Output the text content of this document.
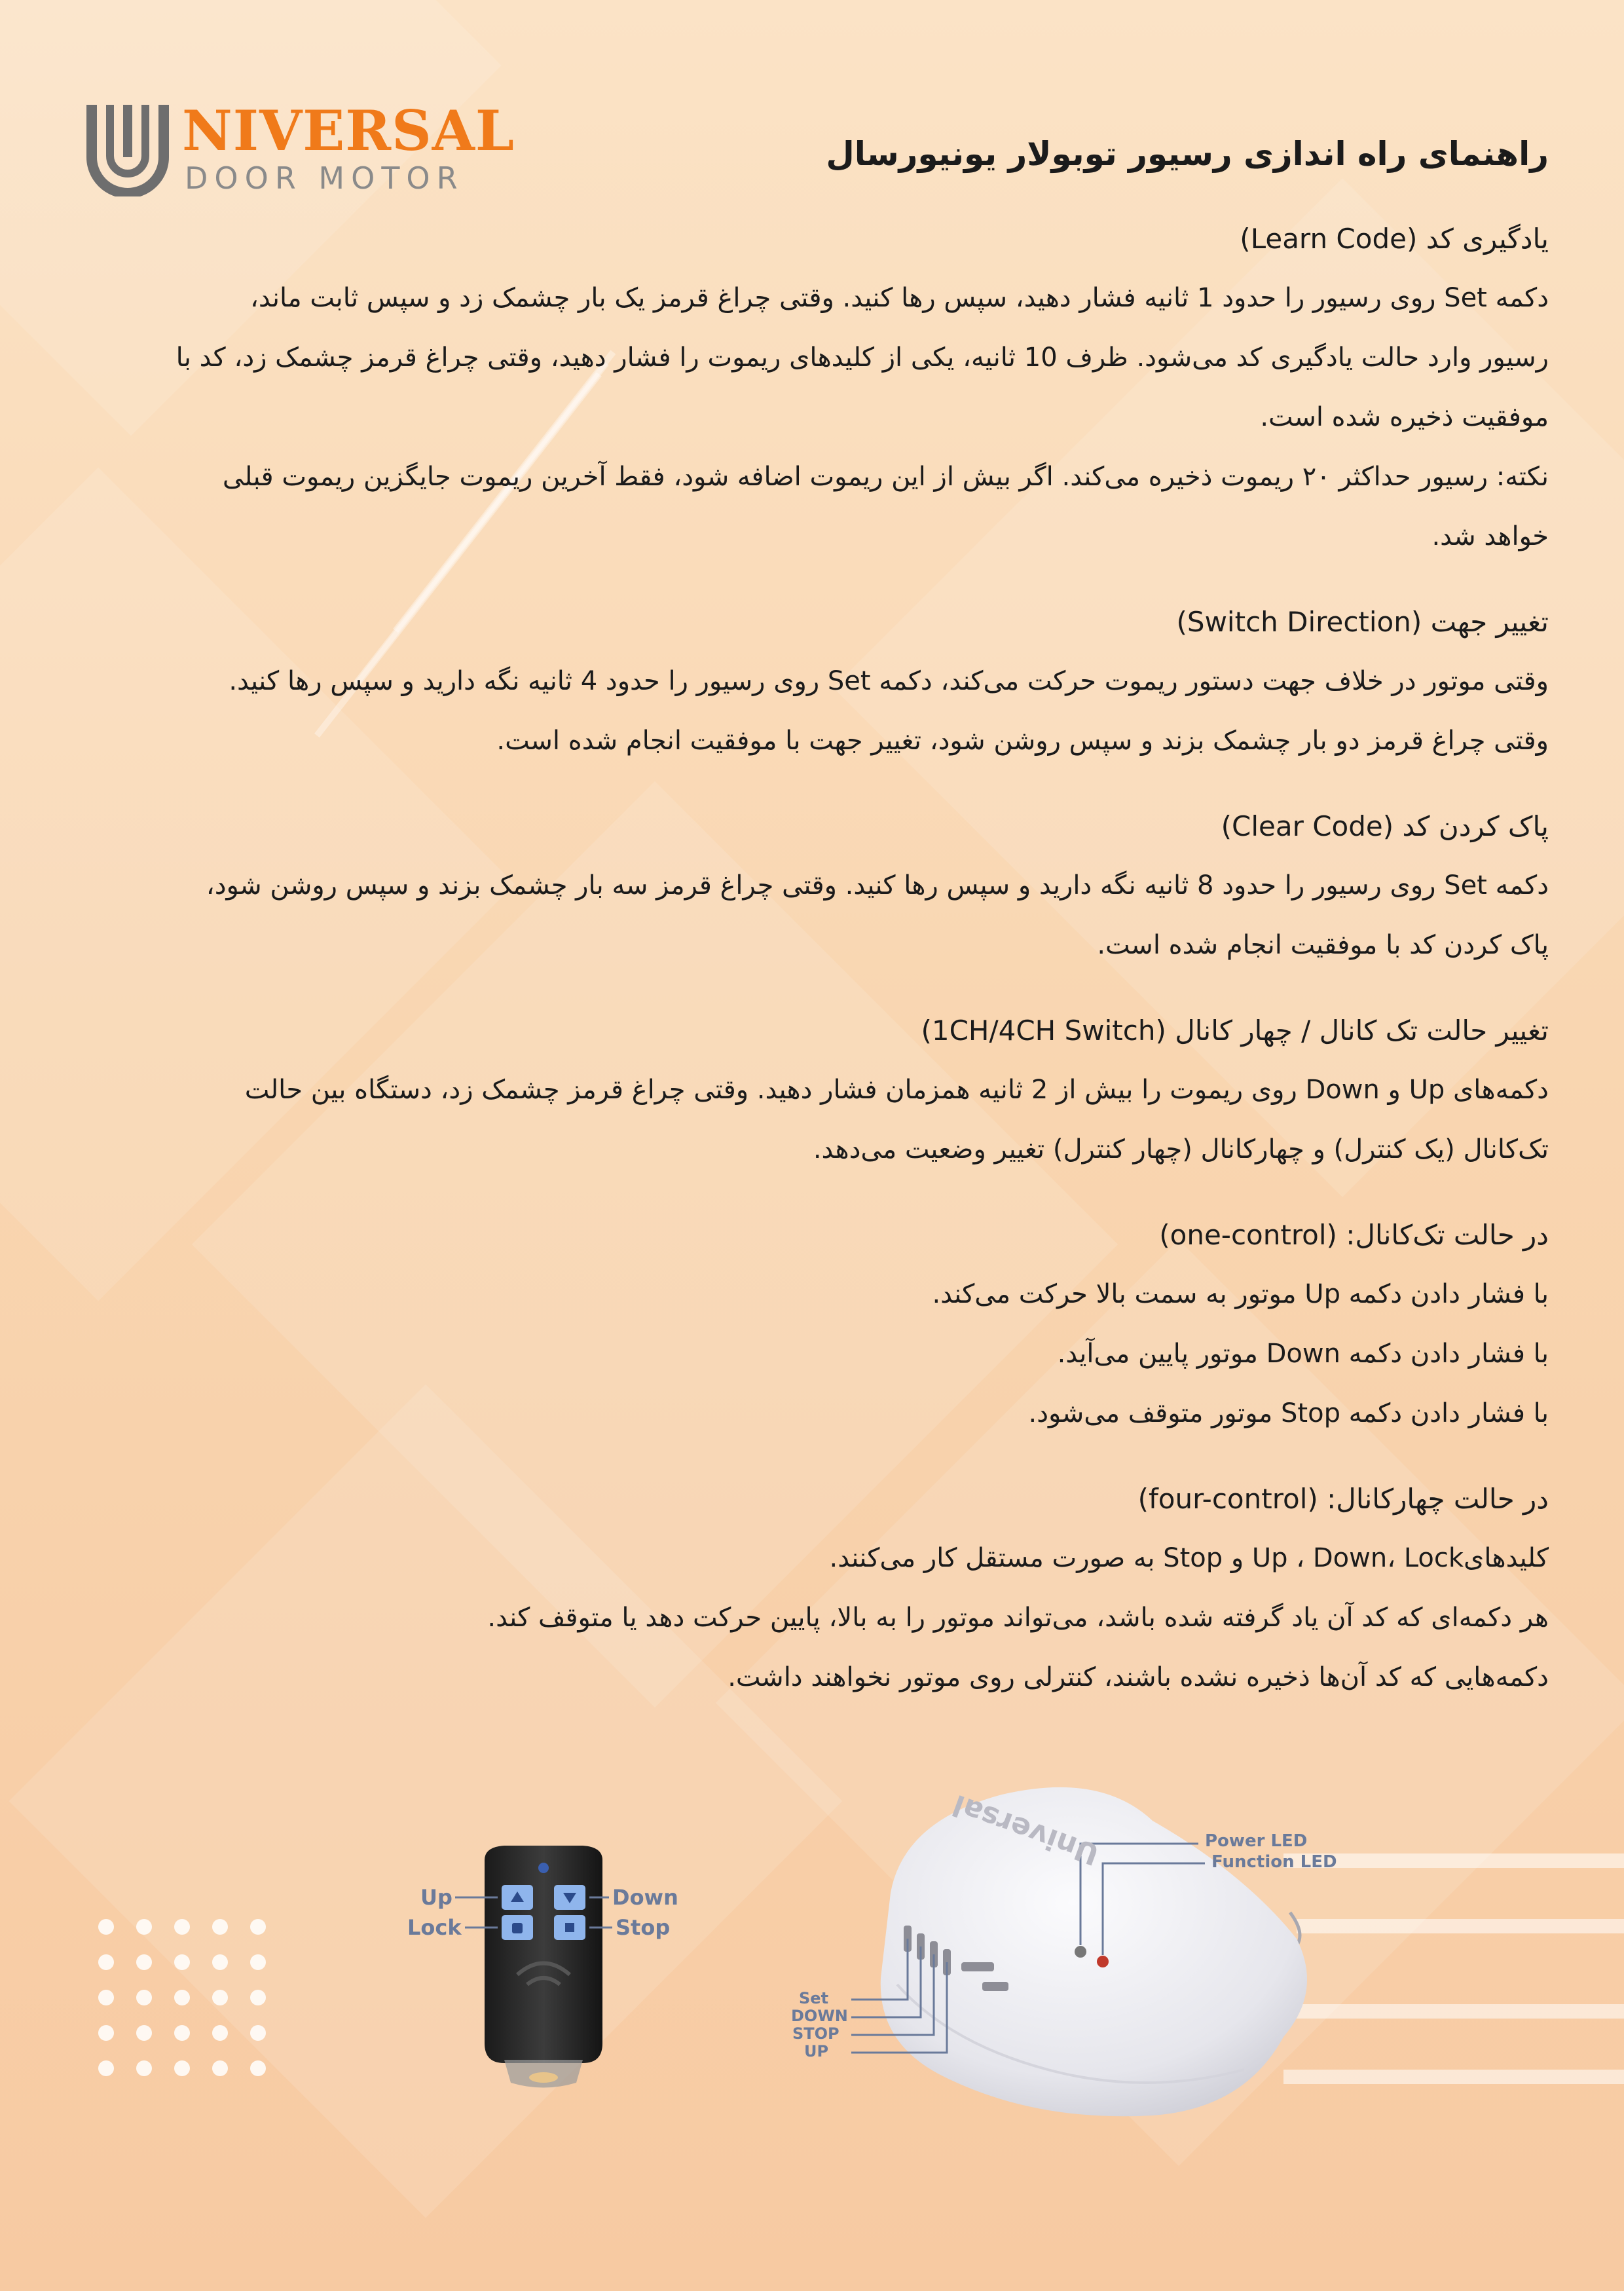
NIVERSAL
DOOR MOTOR
راهنمای راه اندازی رسیور توبولار یونیورسال
یادگیری کد (Learn Code)
دکمه Set روی رسیور را حدود 1 ثانیه فشار دهید، سپس رها کنید. وقتی چراغ قرمز یک بار چشمک زد و سپس ثابت ماند،
رسیور وارد حالت یادگیری کد می‌شود. ظرف 10 ثانیه، یکی از کلیدهای ریموت را فشار دهید، وقتی چراغ قرمز چشمک زد، کد با
موفقیت ذخیره شده است.
نکته: رسیور حداکثر ۲۰ ریموت ذخیره می‌کند. اگر بیش از این ریموت اضافه شود، فقط آخرین ریموت جایگزین ریموت قبلی
خواهد شد.
تغییر جهت (Switch Direction)
وقتی موتور در خلاف جهت دستور ریموت حرکت می‌کند، دکمه Set روی رسیور را حدود 4 ثانیه نگه دارید و سپس رها کنید.
وقتی چراغ قرمز دو بار چشمک بزند و سپس روشن شود، تغییر جهت با موفقیت انجام شده است.
پاک کردن کد (Clear Code)
دکمه Set روی رسیور را حدود 8 ثانیه نگه دارید و سپس رها کنید. وقتی چراغ قرمز سه بار چشمک بزند و سپس روشن شود،
پاک کردن کد با موفقیت انجام شده است.
تغییر حالت تک کانال / چهار کانال (1CH/4CH Switch)
دکمه‌های Up و Down روی ریموت را بیش از 2 ثانیه همزمان فشار دهید. وقتی چراغ قرمز چشمک زد، دستگاه بین حالت
تک‌کانال (یک کنترل) و چهارکانال (چهار کنترل) تغییر وضعیت می‌دهد.
در حالت تک‌کانال: (one-control)
با فشار دادن دکمه Up موتور به سمت بالا حرکت می‌کند.
با فشار دادن دکمه Down موتور پایین می‌آید.
با فشار دادن دکمه Stop موتور متوقف می‌شود.
در حالت چهارکانال: (four-control)
کلیدهایUp ، Down، Lock و Stop به صورت مستقل کار می‌کنند.
هر دکمه‌ای که کد آن یاد گرفته شده باشد، می‌تواند موتور را به بالا، پایین حرکت دهد یا متوقف کند.
دکمه‌هایی که کد آن‌ها ذخیره نشده باشند، کنترلی روی موتور نخواهند داشت.
Up
Lock
Down
Stop
Universal	Power LED
Function LED
Set
DOWN
STOP
UP
